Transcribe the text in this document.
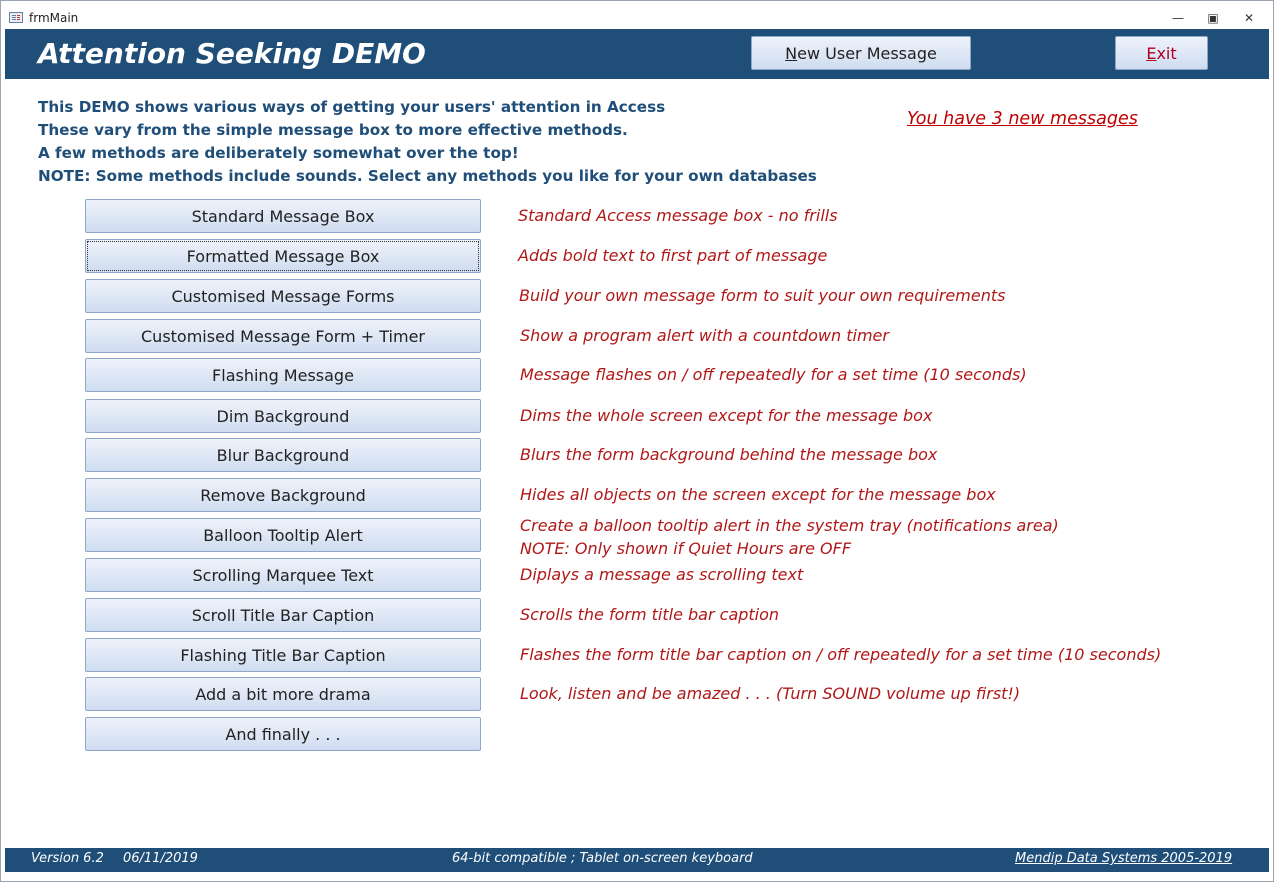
frmMain	—	▣	✕
Attention Seeking DEMO	New User Message	Exit
This DEMO shows various ways of getting your users' attention in Access
These vary from the simple message box to more effective methods.
A few methods are deliberately somewhat over the top!
NOTE: Some methods include sounds. Select any methods you like for your own databases
You have 3 new messages
Standard Message Box
Formatted Message Box
Customised Message Forms
Customised Message Form + Timer
Flashing Message
Dim Background
Blur Background
Remove Background
Balloon Tooltip Alert
Scrolling Marquee Text
Scroll Title Bar Caption
Flashing Title Bar Caption
Add a bit more drama
And finally . . .
Standard Access message box - no frills
Adds bold text to first part of message
Build your own message form to suit your own requirements
Show a program alert with a countdown timer
Message flashes on / off repeatedly for a set time (10 seconds)
Dims the whole screen except for the message box
Blurs the form background behind the message box
Hides all objects on the screen except for the message box
Create a balloon tooltip alert in the system tray (notifications area)
NOTE: Only shown if Quiet Hours are OFF
Diplays a message as scrolling text
Scrolls the form title bar caption
Flashes the form title bar caption on / off repeatedly for a set time (10 seconds)
Look, listen and be amazed . . . (Turn SOUND volume up first!)
Version 6.2 06/11/2019	64-bit compatible ; Tablet on-screen keyboard	Mendip Data Systems 2005-2019
